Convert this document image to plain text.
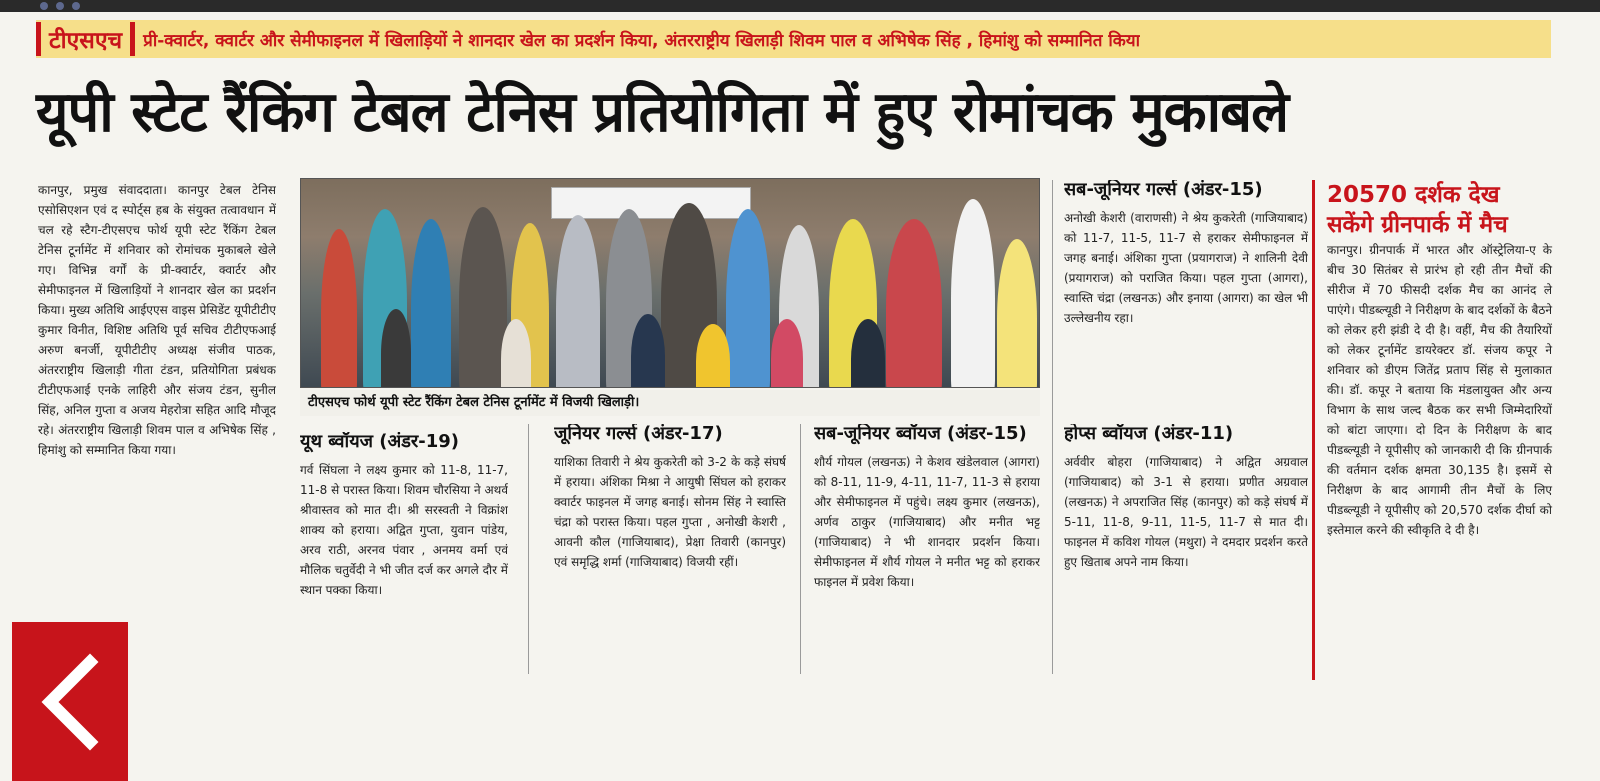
टीएसएच	प्री-क्वार्टर, क्वार्टर और सेमीफाइनल में खिलाड़ियों ने शानदार खेल का प्रदर्शन किया, अंतरराष्ट्रीय खिलाड़ी शिवम पाल व अभिषेक सिंह , हिमांशु को सम्मानित किया
यूपी स्टेट रैंकिंग टेबल टेनिस प्रतियोगिता में हुए रोमांचक मुकाबले

कानपुर, प्रमुख संवाददाता। कानपुर टेबल टेनिस एसोसिएशन एवं द स्पोर्ट्स हब के संयुक्त तत्वावधान में चल रहे स्टैग-टीएसएच फोर्थ यूपी स्टेट रैंकिंग टेबल टेनिस टूर्नामेंट में शनिवार को रोमांचक मुकाबले खेले गए। विभिन्न वर्गों के प्री-क्वार्टर, क्वार्टर और सेमीफाइनल में खिलाड़ियों ने शानदार खेल का प्रदर्शन किया। मुख्य अतिथि आईएएस वाइस प्रेसिडेंट यूपीटीटीए कुमार विनीत, विशिष्ट अतिथि पूर्व सचिव टीटीएफआई अरुण बनर्जी, यूपीटीटीए अध्यक्ष संजीव पाठक, अंतरराष्ट्रीय खिलाड़ी गीता टंडन, प्रतियोगिता प्रबंधक टीटीएफआई एनके लाहिरी और संजय टंडन, सुनील सिंह, अनिल गुप्ता व अजय मेहरोत्रा सहित आदि मौजूद रहे। अंतरराष्ट्रीय खिलाड़ी शिवम पाल व अभिषेक सिंह , हिमांशु को सम्मानित किया गया।

टीएसएच फोर्थ यूपी स्टेट रैंकिंग टेबल टेनिस टूर्नामेंट में विजयी खिलाड़ी।
यूथ ब्वॉयज (अंडर-19)

गर्व सिंघला ने लक्ष्य कुमार को 11-8, 11-7, 11-8 से परास्त किया। शिवम चौरसिया ने अथर्व श्रीवास्तव को मात दी। श्री सरस्वती ने विक्रांश शाक्य को हराया। अद्वित गुप्ता, युवान पांडेय, अरव राठी, अरनव पंवार , अनमय वर्मा एवं मौलिक चतुर्वेदी ने भी जीत दर्ज कर अगले दौर में स्थान पक्का किया।

जूनियर गर्ल्स (अंडर-17)

याशिका तिवारी ने श्रेय कुकरेती को 3-2 के कड़े संघर्ष में हराया। अंशिका मिश्रा ने आयुषी सिंघल को हराकर क्वार्टर फाइनल में जगह बनाई। सोनम सिंह ने स्वास्ति चंद्रा को परास्त किया। पहल गुप्ता , अनोखी केशरी , आवनी कौल (गाजियाबाद), प्रेक्षा तिवारी (कानपुर) एवं समृद्धि शर्मा (गाजियाबाद) विजयी रहीं।

सब-जूनियर ब्वॉयज (अंडर-15)

शौर्य गोयल (लखनऊ) ने केशव खंडेलवाल (आगरा) को 8-11, 11-9, 4-11, 11-7, 11-3 से हराया और सेमीफाइनल में पहुंचे। लक्ष्य कुमार (लखनऊ), अर्णव ठाकुर (गाजियाबाद) और मनीत भट्ट (गाजियाबाद) ने भी शानदार प्रदर्शन किया। सेमीफाइनल में शौर्य गोयल ने मनीत भट्ट को हराकर फाइनल में प्रवेश किया।

सब-जूनियर गर्ल्स (अंडर-15)

अनोखी केशरी (वाराणसी) ने श्रेय कुकरेती (गाजियाबाद) को 11-7, 11-5, 11-7 से हराकर सेमीफाइनल में जगह बनाई। अंशिका गुप्ता (प्रयागराज) ने शालिनी देवी (प्रयागराज) को पराजित किया। पहल गुप्ता (आगरा), स्वास्ति चंद्रा (लखनऊ) और इनाया (आगरा) का खेल भी उल्लेखनीय रहा।

होप्स ब्वॉयज (अंडर-11)

अर्ववीर बोहरा (गाजियाबाद) ने अद्वित अग्रवाल (गाजियाबाद) को 3-1 से हराया। प्रणीत अग्रवाल (लखनऊ) ने अपराजित सिंह (कानपुर) को कड़े संघर्ष में 5-11, 11-8, 9-11, 11-5, 11-7 से मात दी। फाइनल में कविश गोयल (मथुरा) ने दमदार प्रदर्शन करते हुए खिताब अपने नाम किया।

20570 दर्शक देख सकेंगे ग्रीनपार्क में मैच

कानपुर। ग्रीनपार्क में भारत और ऑस्ट्रेलिया-ए के बीच 30 सितंबर से प्रारंभ हो रही तीन मैचों की सीरीज में 70 फीसदी दर्शक मैच का आनंद ले पाएंगे। पीडब्ल्यूडी ने निरीक्षण के बाद दर्शकों के बैठने को लेकर हरी झंडी दे दी है। वहीं, मैच की तैयारियों को लेकर टूर्नामेंट डायरेक्टर डॉ. संजय कपूर ने शनिवार को डीएम जितेंद्र प्रताप सिंह से मुलाकात की। डॉ. कपूर ने बताया कि मंडलायुक्त और अन्य विभाग के साथ जल्द बैठक कर सभी जिम्मेदारियों को बांटा जाएगा। दो दिन के निरीक्षण के बाद पीडब्ल्यूडी ने यूपीसीए को जानकारी दी कि ग्रीनपार्क की वर्तमान दर्शक क्षमता 30,135 है। इसमें से निरीक्षण के बाद आगामी तीन मैचों के लिए पीडब्ल्यूडी ने यूपीसीए को 20,570 दर्शक दीर्घा को इस्तेमाल करने की स्वीकृति दे दी है।
